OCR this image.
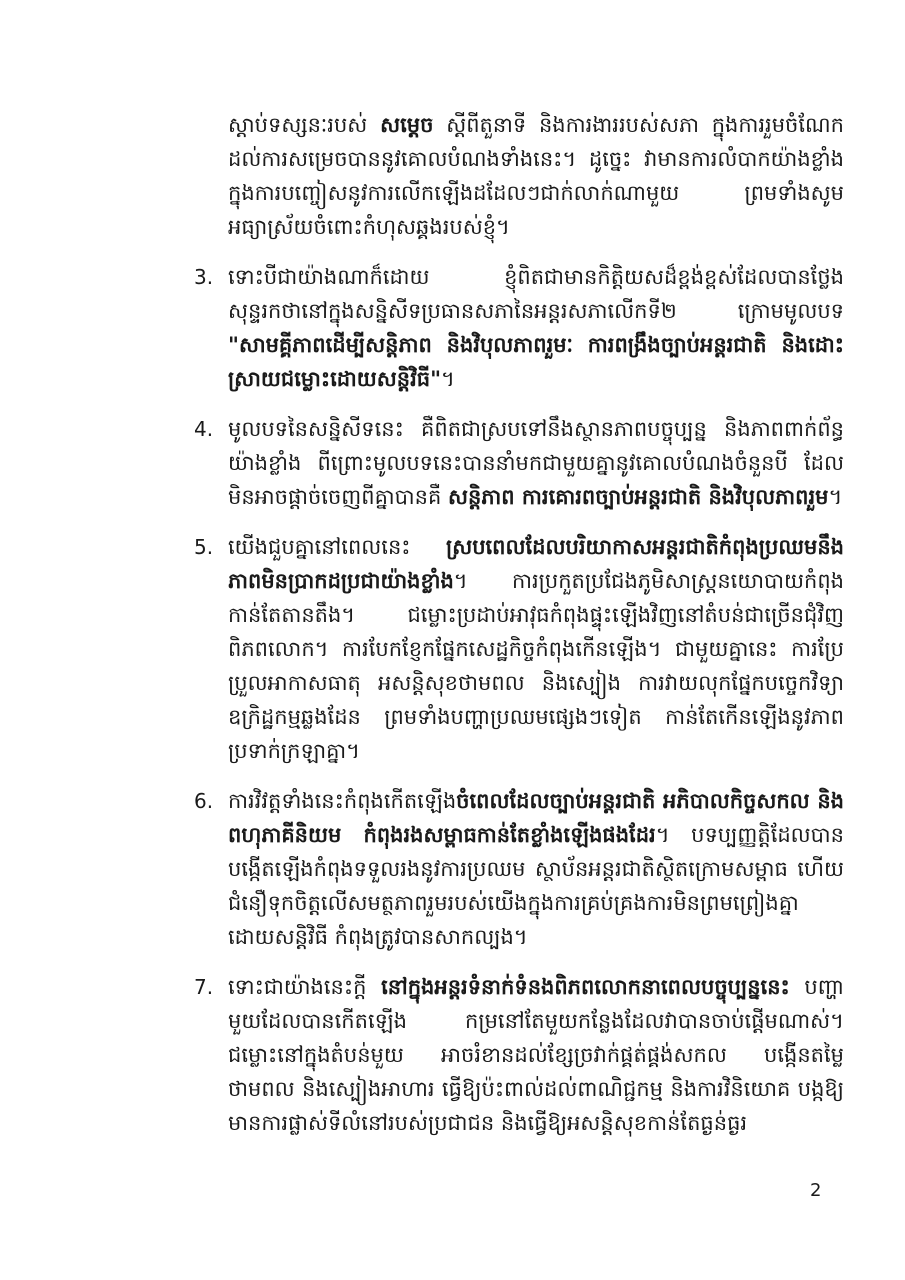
ស្ដាប់ទស្សនៈរបស់ សម្ដេច ស្ដីពីតួនាទី និងការងាររបស់សភា ក្នុងការរួមចំណែកដល់ការសម្រេចបាននូវគោលបំណងទាំងនេះ។ ដូច្នេះ វាមានការលំបាកយ៉ាងខ្លាំងក្នុងការបញ្ចៀសនូវការលើកឡើងដដែលៗជាក់លាក់ណាមួយ ព្រមទាំងសូមអធ្យាស្រ័យចំពោះកំហុសឆ្គងរបស់ខ្ញុំ។

3. ទោះបីជាយ៉ាងណាក៏ដោយ ខ្ញុំពិតជាមានកិត្តិយសដ៏ខ្ពង់ខ្ពស់ដែលបានថ្លែងសុន្ទរកថានៅក្នុងសន្និសីទប្រធានសភានៃអន្តរសភាលើកទី២ ក្រោមមូលបទ "សាមគ្គីភាពដើម្បីសន្តិភាព និងវិបុលភាពរួមៈ ការពង្រឹងច្បាប់អន្តរជាតិ និងដោះស្រាយជម្លោះដោយសន្តិវិធី"។

4. មូលបទនៃសន្និសីទនេះ គឺពិតជាស្របទៅនឹងស្ថានភាពបច្ចុប្បន្ន និងភាពពាក់ព័ន្ធយ៉ាងខ្លាំង ពីព្រោះមូលបទនេះបាននាំមកជាមួយគ្នានូវគោលបំណងចំនួនបី ដែលមិនអាចផ្ដាច់ចេញពីគ្នាបានគឺ សន្តិភាព ការគោរពច្បាប់អន្តរជាតិ និងវិបុលភាពរួម។

5. យើងជួបគ្នានៅពេលនេះ ស្របពេលដែលបរិយាកាសអន្តរជាតិកំពុងប្រឈមនឹងភាពមិនប្រាកដប្រជាយ៉ាងខ្លាំង។ ការប្រកួតប្រជែងភូមិសាស្ត្រនយោបាយកំពុងកាន់តែតានតឹង។ ជម្លោះប្រដាប់អាវុធកំពុងផ្ទុះឡើងវិញនៅតំបន់ជាច្រើនជុំវិញពិភពលោក។ ការបែកខ្ញែកផ្នែកសេដ្ឋកិច្ចកំពុងកើនឡើង។ ជាមួយគ្នានេះ ការប្រែប្រួលអាកាសធាតុ អសន្តិសុខថាមពល និងស្បៀង ការវាយលុកផ្នែកបច្ចេកវិទ្យា ឧក្រិដ្ឋកម្មឆ្លងដែន ព្រមទាំងបញ្ហាប្រឈមផ្សេងៗទៀត កាន់តែកើនឡើងនូវភាពប្រទាក់ក្រឡាគ្នា។

6. ការវិវត្តទាំងនេះកំពុងកើតឡើងចំពេលដែលច្បាប់អន្តរជាតិ អភិបាលកិច្ចសកល និងពហុភាគីនិយម កំពុងរងសម្ពាធកាន់តែខ្លាំងឡើងផងដែរ។ បទប្បញ្ញត្តិដែលបានបង្កើតឡើងកំពុងទទួលរងនូវការប្រឈម ស្ថាប័នអន្តរជាតិស្ថិតក្រោមសម្ពាធ ហើយជំនឿទុកចិត្តលើសមត្ថភាពរួមរបស់យើងក្នុងការគ្រប់គ្រងការមិនព្រមព្រៀងគ្នាដោយសន្តិវិធី កំពុងត្រូវបានសាកល្បង។

7. ទោះជាយ៉ាងនេះក្តី នៅក្នុងអន្តរទំនាក់ទំនងពិភពលោកនាពេលបច្ចុប្បន្ននេះ បញ្ហាមួយដែលបានកើតឡើង កម្រនៅតែមួយកន្លែងដែលវាបានចាប់ផ្ដើមណាស់។ ជម្លោះនៅក្នុងតំបន់មួយ អាចរំខានដល់ខ្សែច្រវាក់ផ្គត់ផ្គង់សកល បង្កើនតម្លៃថាមពល និងស្បៀងអាហារ ធ្វើឱ្យប៉ះពាល់ដល់ពាណិជ្ជកម្ម និងការវិនិយោគ បង្កឱ្យមានការផ្លាស់ទីលំនៅរបស់ប្រជាជន និងធ្វើឱ្យអសន្តិសុខកាន់តែធ្ងន់ធ្ងរ

2
